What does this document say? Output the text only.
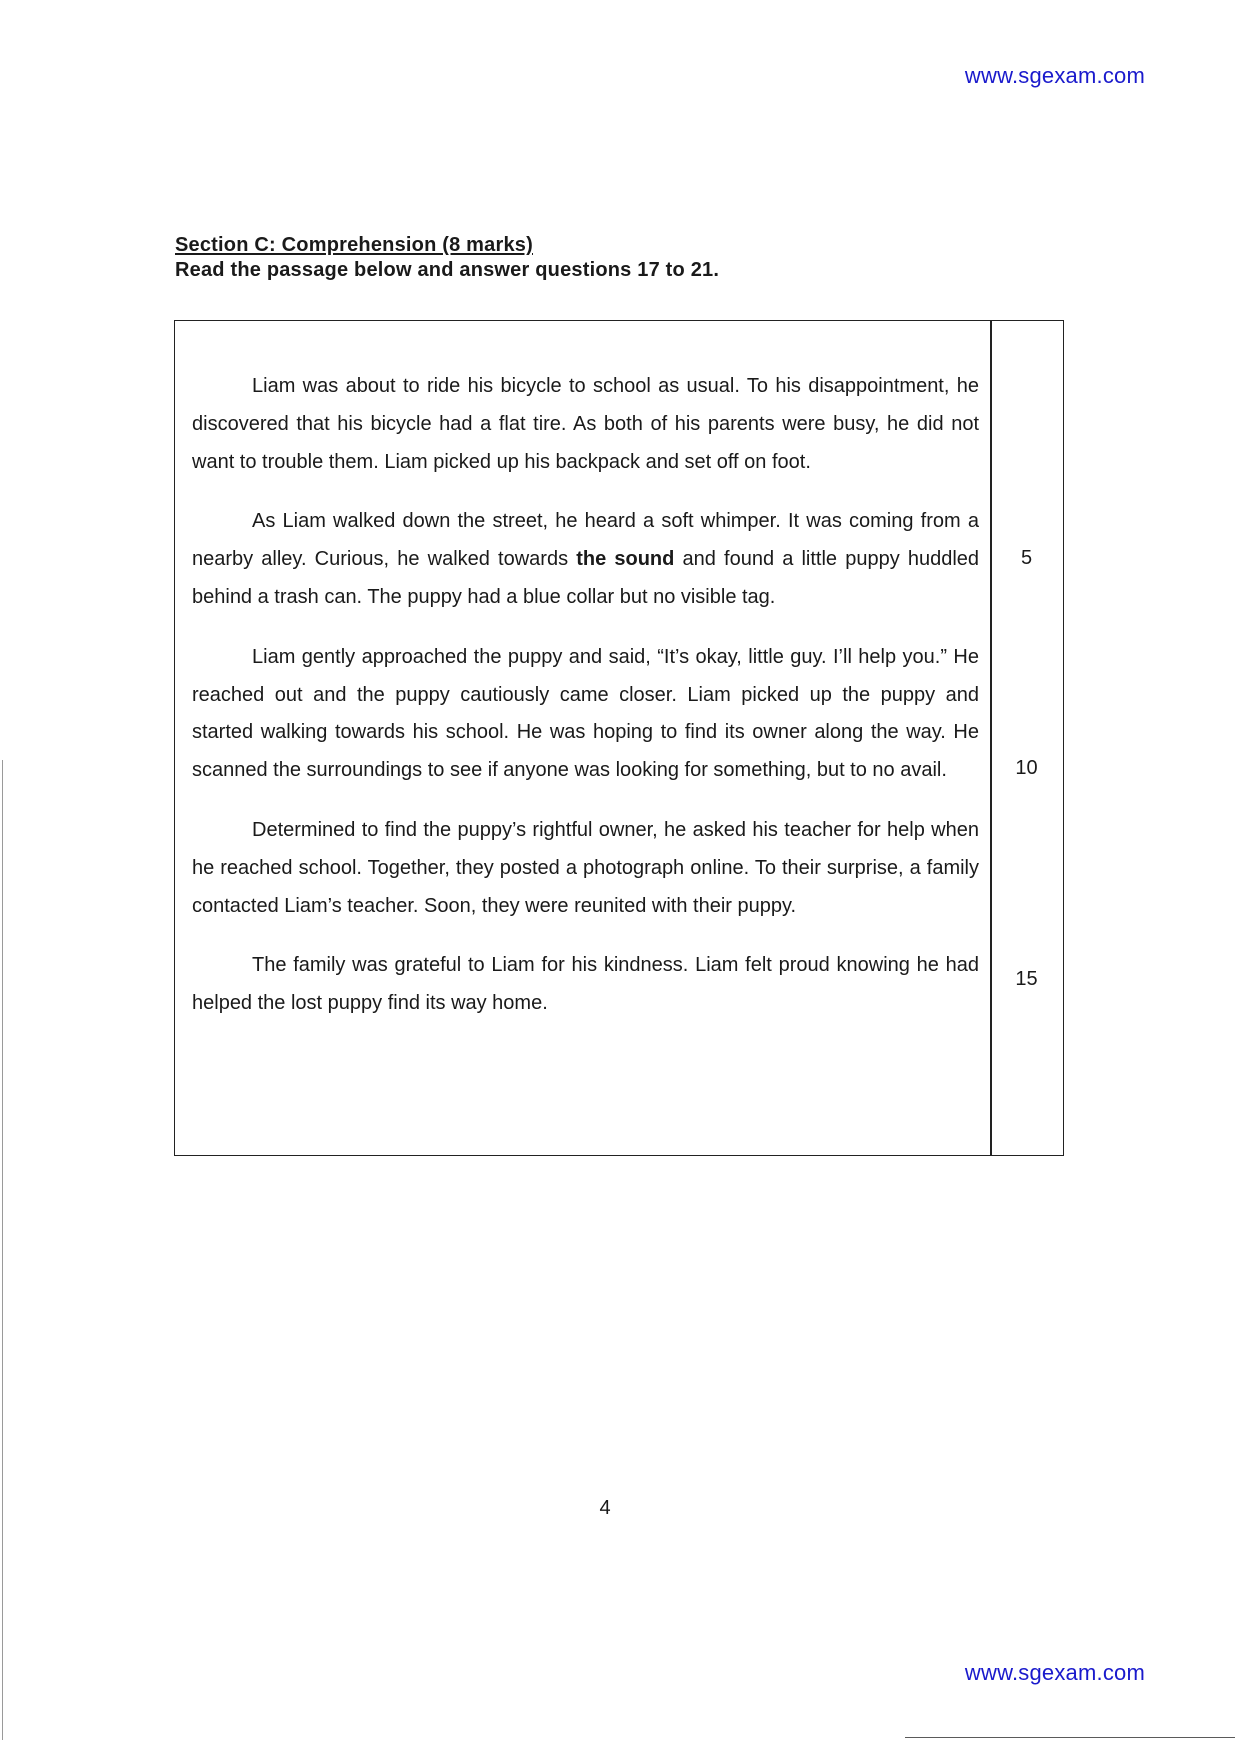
www.sgexam.com
Section C: Comprehension (8 marks)
Read the passage below and answer questions 17 to 21.

Liam was about to ride his bicycle to school as usual. To his disappointment, he discovered that his bicycle had a flat tire. As both of his parents were busy, he did not want to trouble them. Liam picked up his backpack and set off on foot.

As Liam walked down the street, he heard a soft whimper. It was coming from a nearby alley. Curious, he walked towards the sound and found a little puppy huddled behind a trash can. The puppy had a blue collar but no visible tag.

Liam gently approached the puppy and said, “It’s okay, little guy. I’ll help you.” He reached out and the puppy cautiously came closer. Liam picked up the puppy and started walking towards his school. He was hoping to find its owner along the way. He scanned the surroundings to see if anyone was looking for something, but to no avail.

Determined to find the puppy’s rightful owner, he asked his teacher for help when he reached school. Together, they posted a photograph online. To their surprise, a family contacted Liam’s teacher. Soon, they were reunited with their puppy.

The family was grateful to Liam for his kindness. Liam felt proud knowing he had helped the lost puppy find its way home.

5
10
15
4
www.sgexam.com
